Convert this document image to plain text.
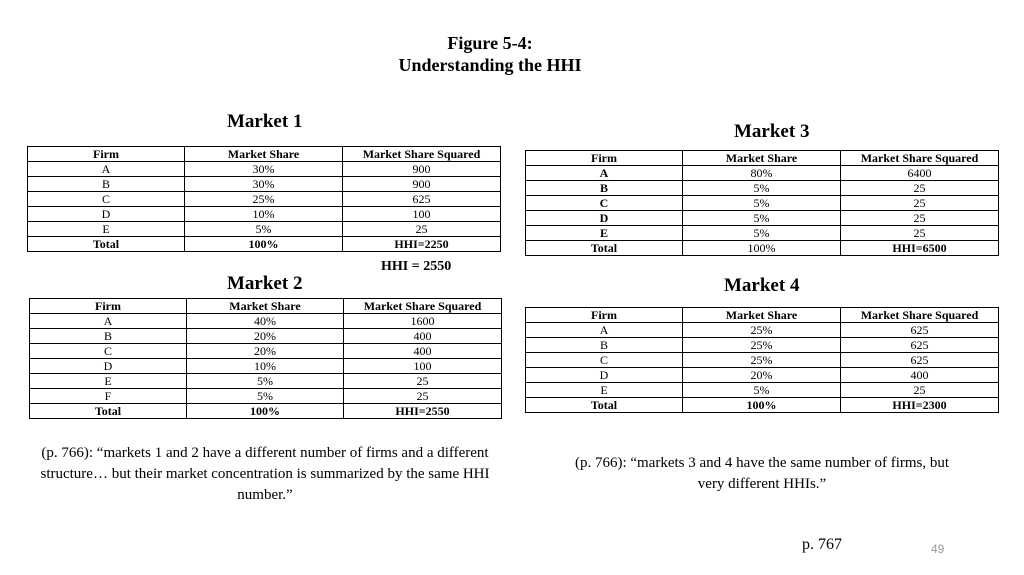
Figure 5-4:
Understanding the HHI
Market 1
Firm	Market Share	Market Share Squared
A	30%	900
B	30%	900
C	25%	625
D	10%	100
E	5%	25
Total	100%	HHI=2250
HHI = 2550
Market 2
Firm	Market Share	Market Share Squared
A	40%	1600
B	20%	400
C	20%	400
D	10%	100
E	5%	25
F	5%	25
Total	100%	HHI=2550
Market 3
Firm	Market Share	Market Share Squared
A	80%	6400
B	5%	25
C	5%	25
D	5%	25
E	5%	25
Total	100%	HHI=6500
Market 4
Firm	Market Share	Market Share Squared
A	25%	625
B	25%	625
C	25%	625
D	20%	400
E	5%	25
Total	100%	HHI=2300
(p. 766): “markets 1 and 2 have a different number of firms and a different structure… but their market concentration is summarized by the same HHI number.”
(p. 766): “markets 3 and 4 have the same number of firms, but very different HHIs.”
p. 767	49
